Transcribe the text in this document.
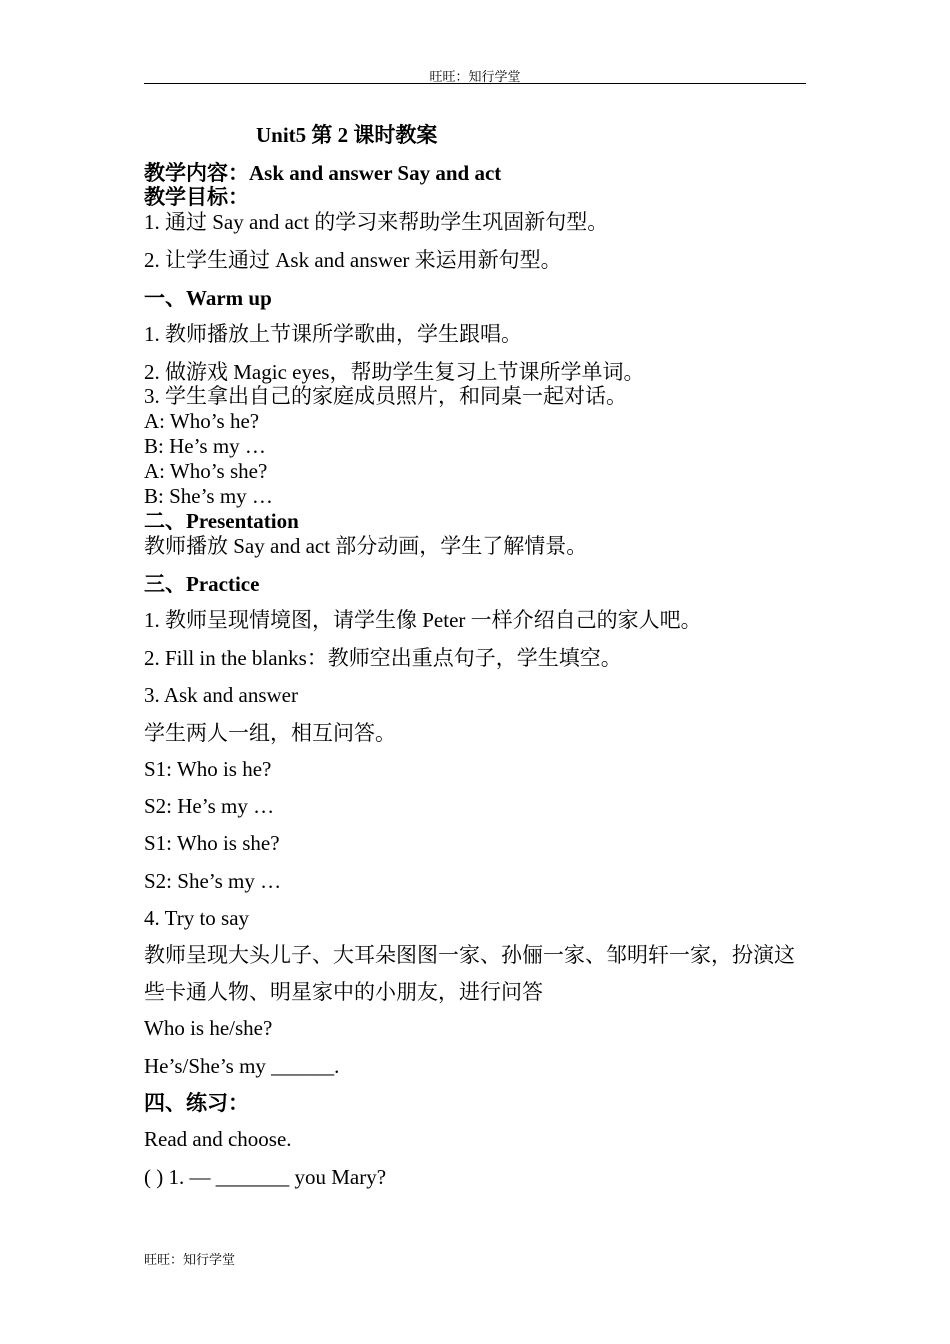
旺旺：知行学堂
Unit5 第 2 课时教案
教学内容：Ask and answer Say and act
教学目标：
1. 通过 Say and act 的学习来帮助学生巩固新句型。
2. 让学生通过 Ask and answer 来运用新句型。
一、Warm up
1. 教师播放上节课所学歌曲，学生跟唱。
2. 做游戏 Magic eyes，帮助学生复习上节课所学单词。
3. 学生拿出自己的家庭成员照片，和同桌一起对话。
A: Who’s he?
B: He’s my …
A: Who’s she?
B: She’s my …
二、Presentation
教师播放 Say and act 部分动画，学生了解情景。
三、Practice
1. 教师呈现情境图，请学生像 Peter 一样介绍自己的家人吧。
2. Fill in the blanks：教师空出重点句子，学生填空。
3. Ask and answer
学生两人一组，相互问答。
S1: Who is he?
S2: He’s my …
S1: Who is she?
S2: She’s my …
4. Try to say
教师呈现大头儿子、大耳朵图图一家、孙俪一家、邹明轩一家，扮演这
些卡通人物、明星家中的小朋友，进行问答
Who is he/she?
He’s/She’s my ______.
四、练习：
Read and choose.
( ) 1. — _______ you Mary?
旺旺：知行学堂
